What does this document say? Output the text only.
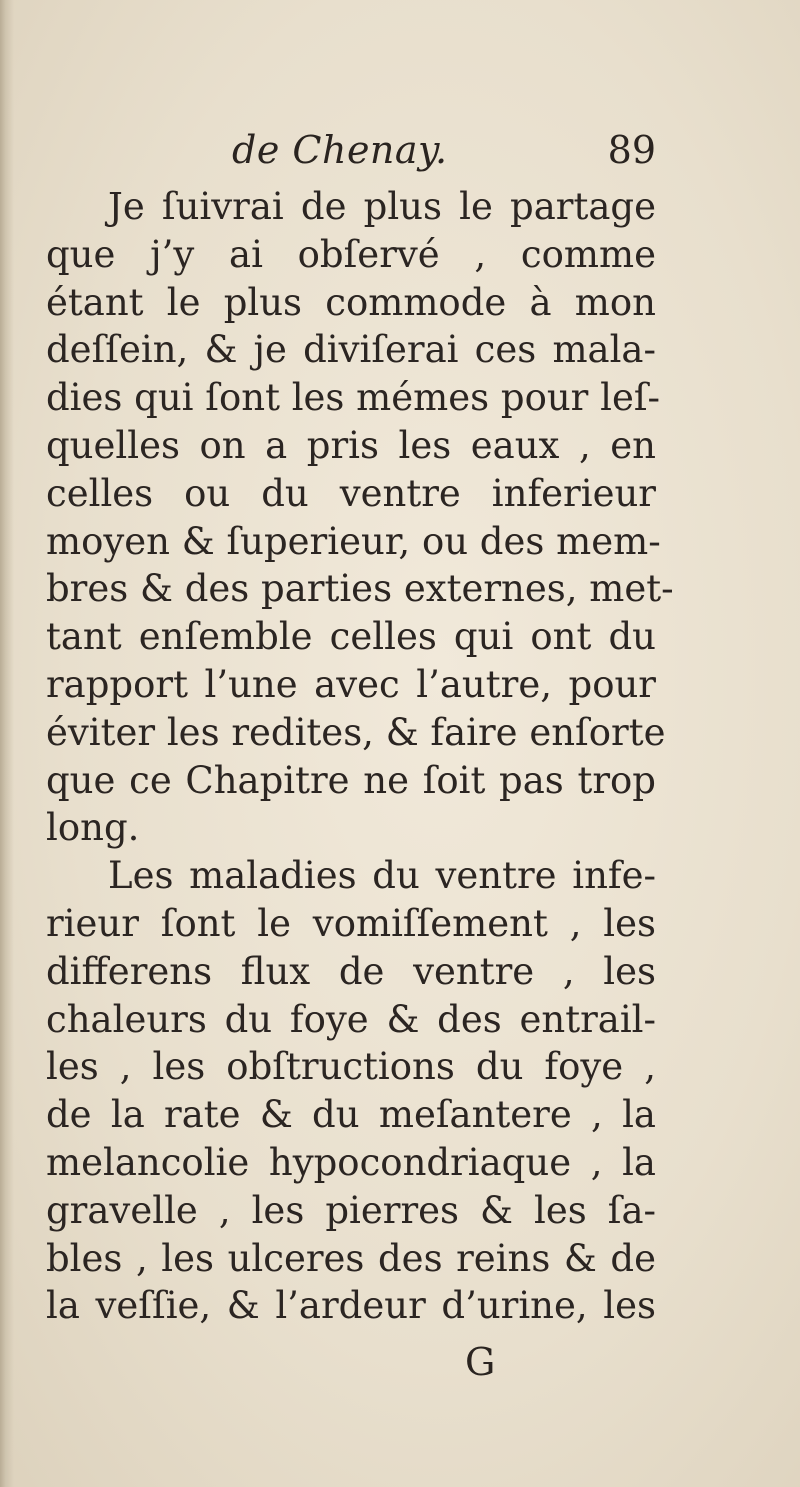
de Chenay.	89
Je ſuivrai de plus le partage
que j’y ai obſervé , comme
étant le plus commode à mon
deſſein, & je diviſerai ces mala-
dies qui ſont les mémes pour leſ-
quelles on a pris les eaux , en
celles ou du ventre inferieur
moyen & ſuperieur, ou des mem-
bres & des parties externes, met-
tant enſemble celles qui ont du
rapport l’une avec l’autre, pour
éviter les redites, & faire enſorte
que ce Chapitre ne ſoit pas trop
long.
Les maladies du ventre infe-
rieur ſont le vomiſſement , les
differens flux de ventre , les
chaleurs du foye & des entrail-
les , les obſtructions du foye ,
de la rate & du meſantere , la
melancolie hypocondriaque , la
gravelle , les pierres & les ſa-
bles , les ulceres des reins & de
la veſſie, & l’ardeur d’urine, les
G
